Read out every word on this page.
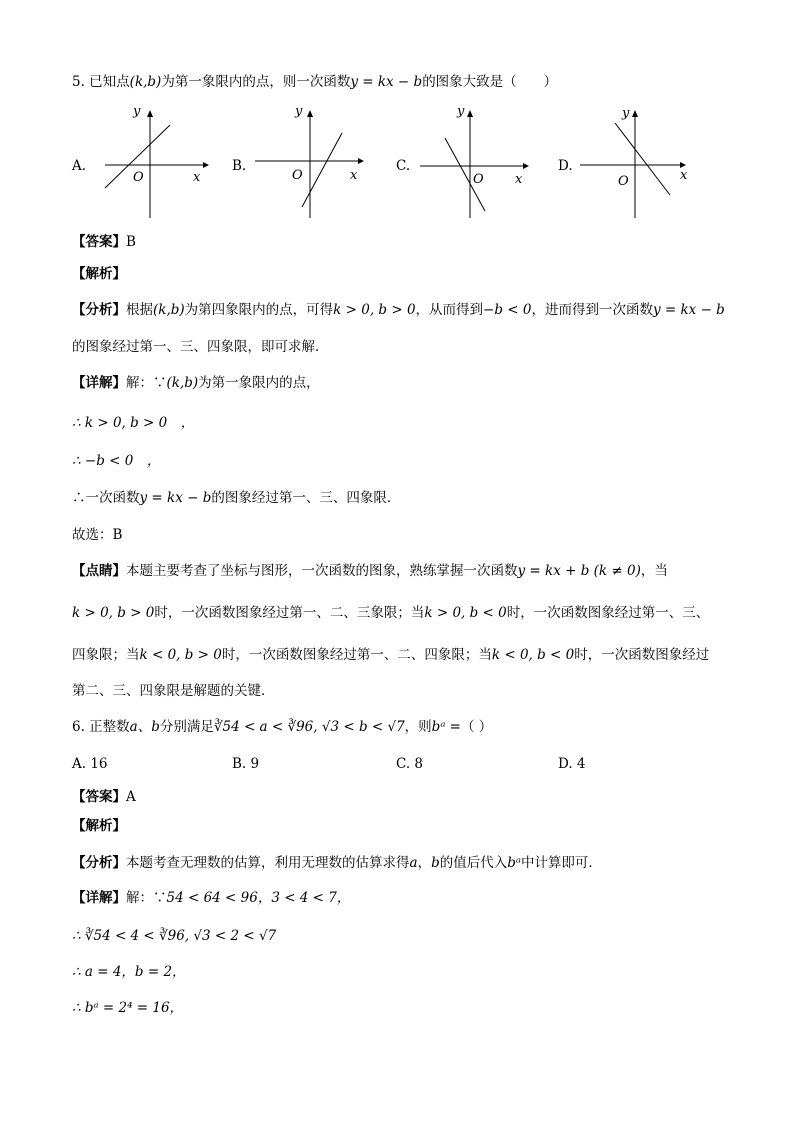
5. 已知点(k,b)为第一象限内的点，则一次函数y = kx − b的图象大致是（　　）
A.
y
x
O
B.
y
x
O
C.
y
x
O
D.
y
x
O
【答案】B
【解析】
【分析】根据(k,b)为第四象限内的点，可得k > 0, b > 0，从而得到−b < 0，进而得到一次函数y = kx − b
的图象经过第一、三、四象限，即可求解．
【详解】解：∵(k,b)为第一象限内的点，
∴ k > 0, b > 0　，
∴ −b < 0　，
∴一次函数y = kx − b的图象经过第一、三、四象限．
故选：B
【点睛】本题主要考查了坐标与图形，一次函数的图象，熟练掌握一次函数y = kx + b (k ≠ 0)，当
k > 0, b > 0时，一次函数图象经过第一、二、三象限；当k > 0, b < 0时，一次函数图象经过第一、三、
四象限；当k < 0, b > 0时，一次函数图象经过第一、二、四象限；当k < 0, b < 0时，一次函数图象经过
第二、三、四象限是解题的关键．
6. 正整数a、b分别满足∛54 < a < ∛96, √3 < b < √7，则bᵃ =（ ）
A. 16	B. 9	C. 8	D. 4
【答案】A
【解析】
【分析】本题考查无理数的估算，利用无理数的估算求得a，b的值后代入bᵃ中计算即可．
【详解】解：∵54 < 64 < 96，3 < 4 < 7，
∴ ∛54 < 4 < ∛96, √3 < 2 < √7
∴ a = 4，b = 2，
∴ bᵃ = 2⁴ = 16，
